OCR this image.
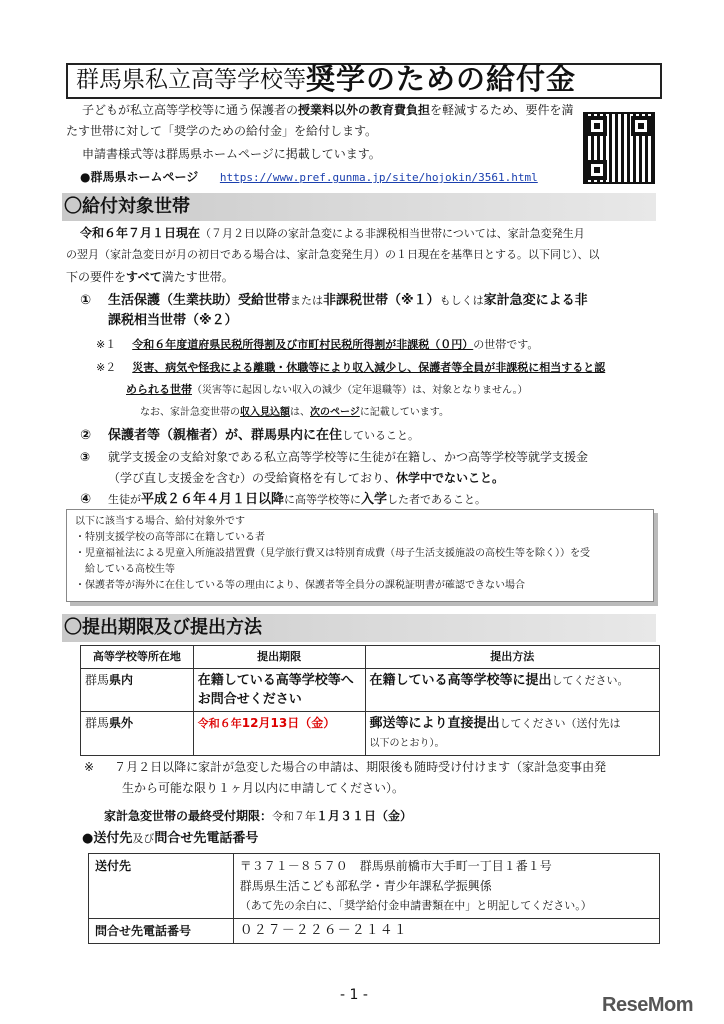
群馬県私立高等学校等 奨学のための給付金
子どもが私立高等学校等に通う保護者の授業料以外の教育費負担を軽減するため、要件を満
たす世帯に対して「奨学のための給付金」を給付します。
申請書様式等は群馬県ホームページに掲載しています。
●群馬県ホームページ https://www.pref.gunma.jp/site/hojokin/3561.html
〇給付対象世帯
令和６年７月１日現在（７月２日以降の家計急変による非課税相当世帯については、家計急変発生月
の翌月（家計急変日が月の初日である場合は、家計急変発生月）の１日現在を基準日とする。以下同じ）、以
下の要件をすべて満たす世帯。
① 生活保護（生業扶助）受給世帯または非課税世帯（※１）もしくは家計急変による非
課税相当世帯（※２）
※１ 令和６年度道府県民税所得割及び市町村民税所得割が非課税（０円）の世帯です。
※２ 災害、病気や怪我による離職・休職等により収入減少し、保護者等全員が非課税に相当すると認
められる世帯（災害等に起因しない収入の減少（定年退職等）は、対象となりません。）
なお、家計急変世帯の収入見込額は、次のページに記載しています。
② 保護者等（親権者）が、群馬県内に在住していること。
③ 就学支援金の支給対象である私立高等学校等に生徒が在籍し、かつ高等学校等就学支援金
（学び直し支援金を含む）の受給資格を有しており、休学中でないこと。
④ 生徒が平成２６年４月１日以降に高等学校等に入学した者であること。
以下に該当する場合、給付対象外です
・特別支援学校の高等部に在籍している者
・児童福祉法による児童入所施設措置費（見学旅行費又は特別育成費（母子生活支援施設の高校生等を除く））を受
　給している高校生等
・保護者等が海外に在住している等の理由により、保護者等全員分の課税証明書が確認できない場合
〇提出期限及び提出方法
高等学校等所在地	提出期限	提出方法
群馬県内	在籍している高等学校等へお問合せください	在籍している高等学校等に提出してください。
群馬県外	令和６年12月13日（金）	郵送等により直接提出してください（送付先は
以下のとおり）。
※ ７月２日以降に家計が急変した場合の申請は、期限後も随時受け付けます（家計急変事由発
生から可能な限り１ヶ月以内に申請してください）。
家計急変世帯の最終受付期限：令和７年１月３１日（金）
●送付先及び問合せ先電話番号
送付先	〒３７１－８５７０　群馬県前橋市大手町一丁目１番１号
群馬県生活こども部私学・青少年課私学振興係
（あて先の余白に、「奨学給付金申請書類在中」と明記してください。）

問合せ先電話番号	０２７－２２６－２１４１
- 1 -	ReseMom
